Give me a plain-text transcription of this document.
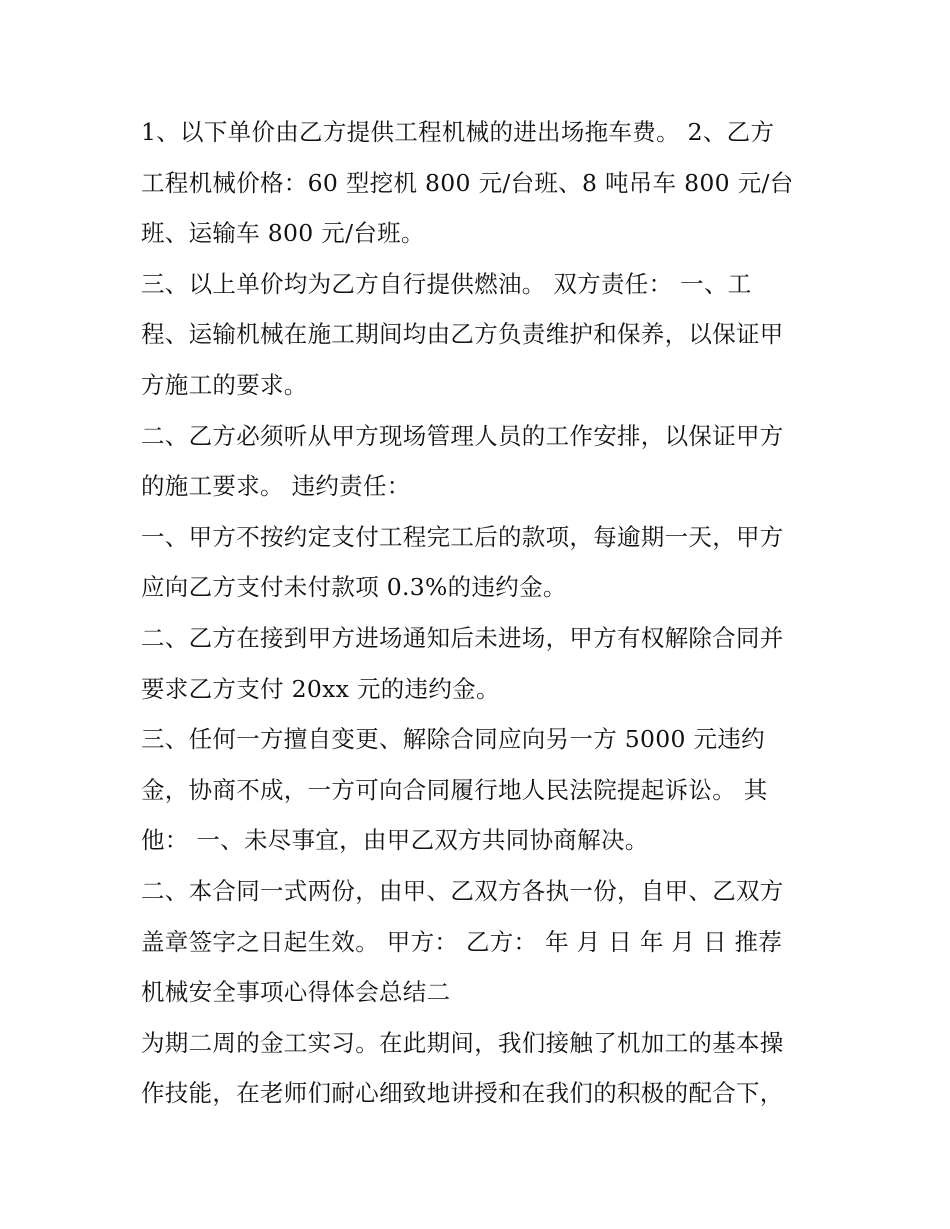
1、以下单价由乙方提供工程机械的进出场拖车费。 2、乙方
工程机械价格：60 型挖机 800 元/台班、8 吨吊车 800 元/台
班、运输车 800 元/台班。
三、以上单价均为乙方自行提供燃油。 双方责任： 一、工
程、运输机械在施工期间均由乙方负责维护和保养，以保证甲
方施工的要求。
二、乙方必须听从甲方现场管理人员的工作安排，以保证甲方
的施工要求。 违约责任：
一、甲方不按约定支付工程完工后的款项，每逾期一天，甲方
应向乙方支付未付款项 0.3%的违约金。
二、乙方在接到甲方进场通知后未进场，甲方有权解除合同并
要求乙方支付 20xx 元的违约金。
三、任何一方擅自变更、解除合同应向另一方 5000 元违约
金，协商不成，一方可向合同履行地人民法院提起诉讼。 其
他： 一、未尽事宜，由甲乙双方共同协商解决。
二、本合同一式两份，由甲、乙双方各执一份，自甲、乙双方
盖章签字之日起生效。 甲方： 乙方： 年 月 日 年 月 日 推荐
机械安全事项心得体会总结二
为期二周的金工实习。在此期间，我们接触了机加工的基本操
作技能，在老师们耐心细致地讲授和在我们的积极的配合下，
